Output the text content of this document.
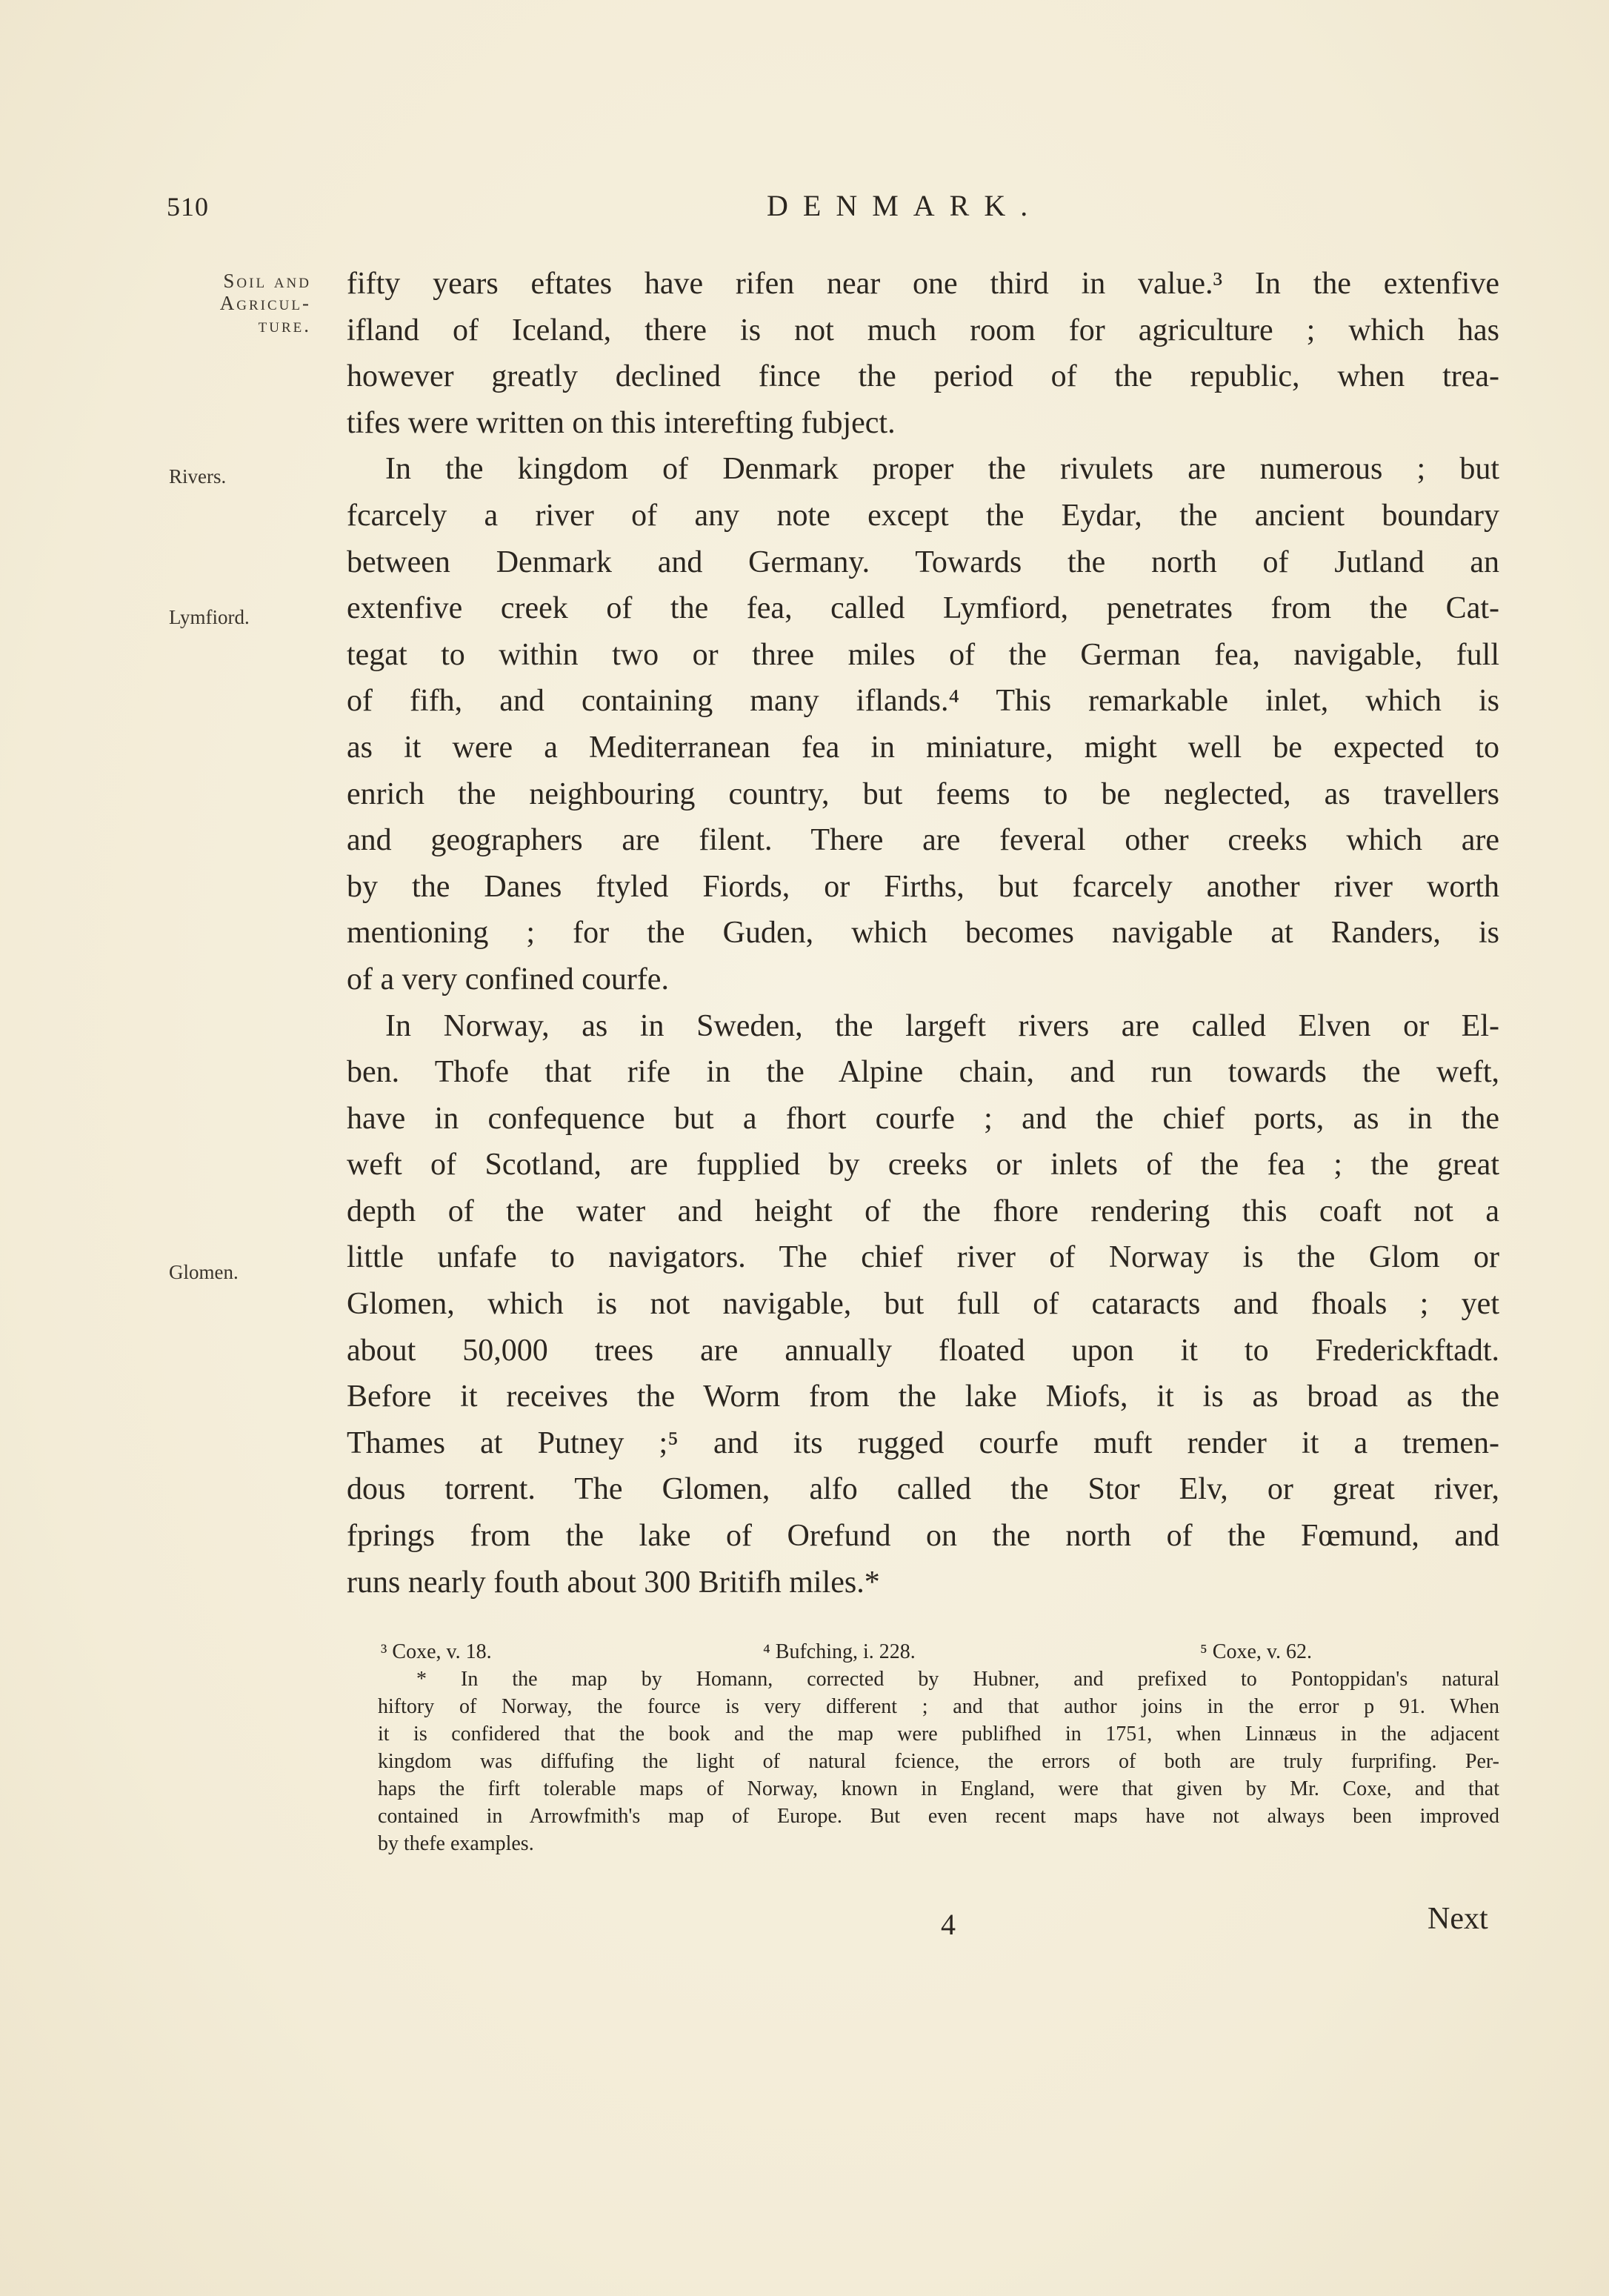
510	DENMARK.
Soil and
Agricul-
ture.
Rivers.
Lymfiord.
Glomen.
fifty years eftates have rifen near one third in value.³ In the extenfive
ifland of Iceland, there is not much room for agriculture ; which has
however greatly declined fince the period of the republic, when trea-
tifes were written on this interefting fubject.
In the kingdom of Denmark proper the rivulets are numerous ; but
fcarcely a river of any note except the Eydar, the ancient boundary
between Denmark and Germany. Towards the north of Jutland an
extenfive creek of the fea, called Lymfiord, penetrates from the Cat-
tegat to within two or three miles of the German fea, navigable, full
of fifh, and containing many iflands.⁴ This remarkable inlet, which is
as it were a Mediterranean fea in miniature, might well be expected to
enrich the neighbouring country, but feems to be neglected, as travellers
and geographers are filent. There are feveral other creeks which are
by the Danes ftyled Fiords, or Firths, but fcarcely another river worth
mentioning ; for the Guden, which becomes navigable at Randers, is
of a very confined courfe.
In Norway, as in Sweden, the largeft rivers are called Elven or El-
ben. Thofe that rife in the Alpine chain, and run towards the weft,
have in confequence but a fhort courfe ; and the chief ports, as in the
weft of Scotland, are fupplied by creeks or inlets of the fea ; the great
depth of the water and height of the fhore rendering this coaft not a
little unfafe to navigators. The chief river of Norway is the Glom or
Glomen, which is not navigable, but full of cataracts and fhoals ; yet
about 50,000 trees are annually floated upon it to Frederickftadt.
Before it receives the Worm from the lake Miofs, it is as broad as the
Thames at Putney ;⁵ and its rugged courfe muft render it a tremen-
dous torrent. The Glomen, alfo called the Stor Elv, or great river,
fprings from the lake of Orefund on the north of the Fœmund, and
runs nearly fouth about 300 Britifh miles.*
³ Coxe, v. 18.	⁴ Bufching, i. 228.	⁵ Coxe, v. 62.
* In the map by Homann, corrected by Hubner, and prefixed to Pontoppidan's natural
hiftory of Norway, the fource is very different ; and that author joins in the error p 91. When
it is confidered that the book and the map were publifhed in 1751, when Linnæus in the adjacent
kingdom was diffufing the light of natural fcience, the errors of both are truly furprifing. Per-
haps the firft tolerable maps of Norway, known in England, were that given by Mr. Coxe, and that
contained in Arrowfmith's map of Europe. But even recent maps have not always been improved
by thefe examples.
4	Next
